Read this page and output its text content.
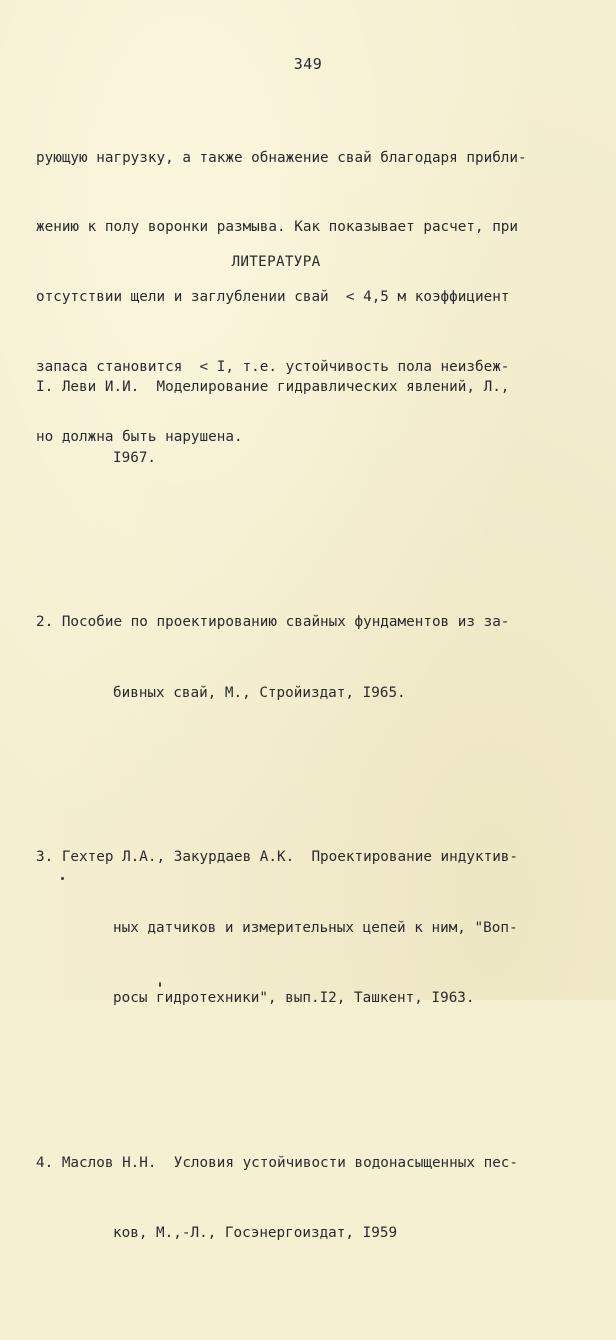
349

рующую нагрузку, а также обнажение свай благодаря прибли-

жению к полу воронки размыва. Как показывает расчет, при

отсутствии щели и заглублении свай  < 4,5 м коэффициент

запаса становится  < I, т.е. устойчивость пола неизбеж-

но должна быть нарушена.

ЛИТЕРАТУРА

I. Леви И.И.  Моделирование гидравлических явлений, Л.,

I967.

2. Пособие по проектированию свайных фундаментов из за-

бивных свай, М., Стройиздат, I965.

3. Гехтер Л.А., Закурдаев А.К.  Проектирование индуктив-

ных датчиков и измерительных цепей к ним, "Воп-

росы гидротехники", вып.I2, Ташкент, I963.

4. Маслов Н.Н.  Условия устойчивости водонасыщенных пес-

ков, М.,-Л., Госэнергоиздат, I959
